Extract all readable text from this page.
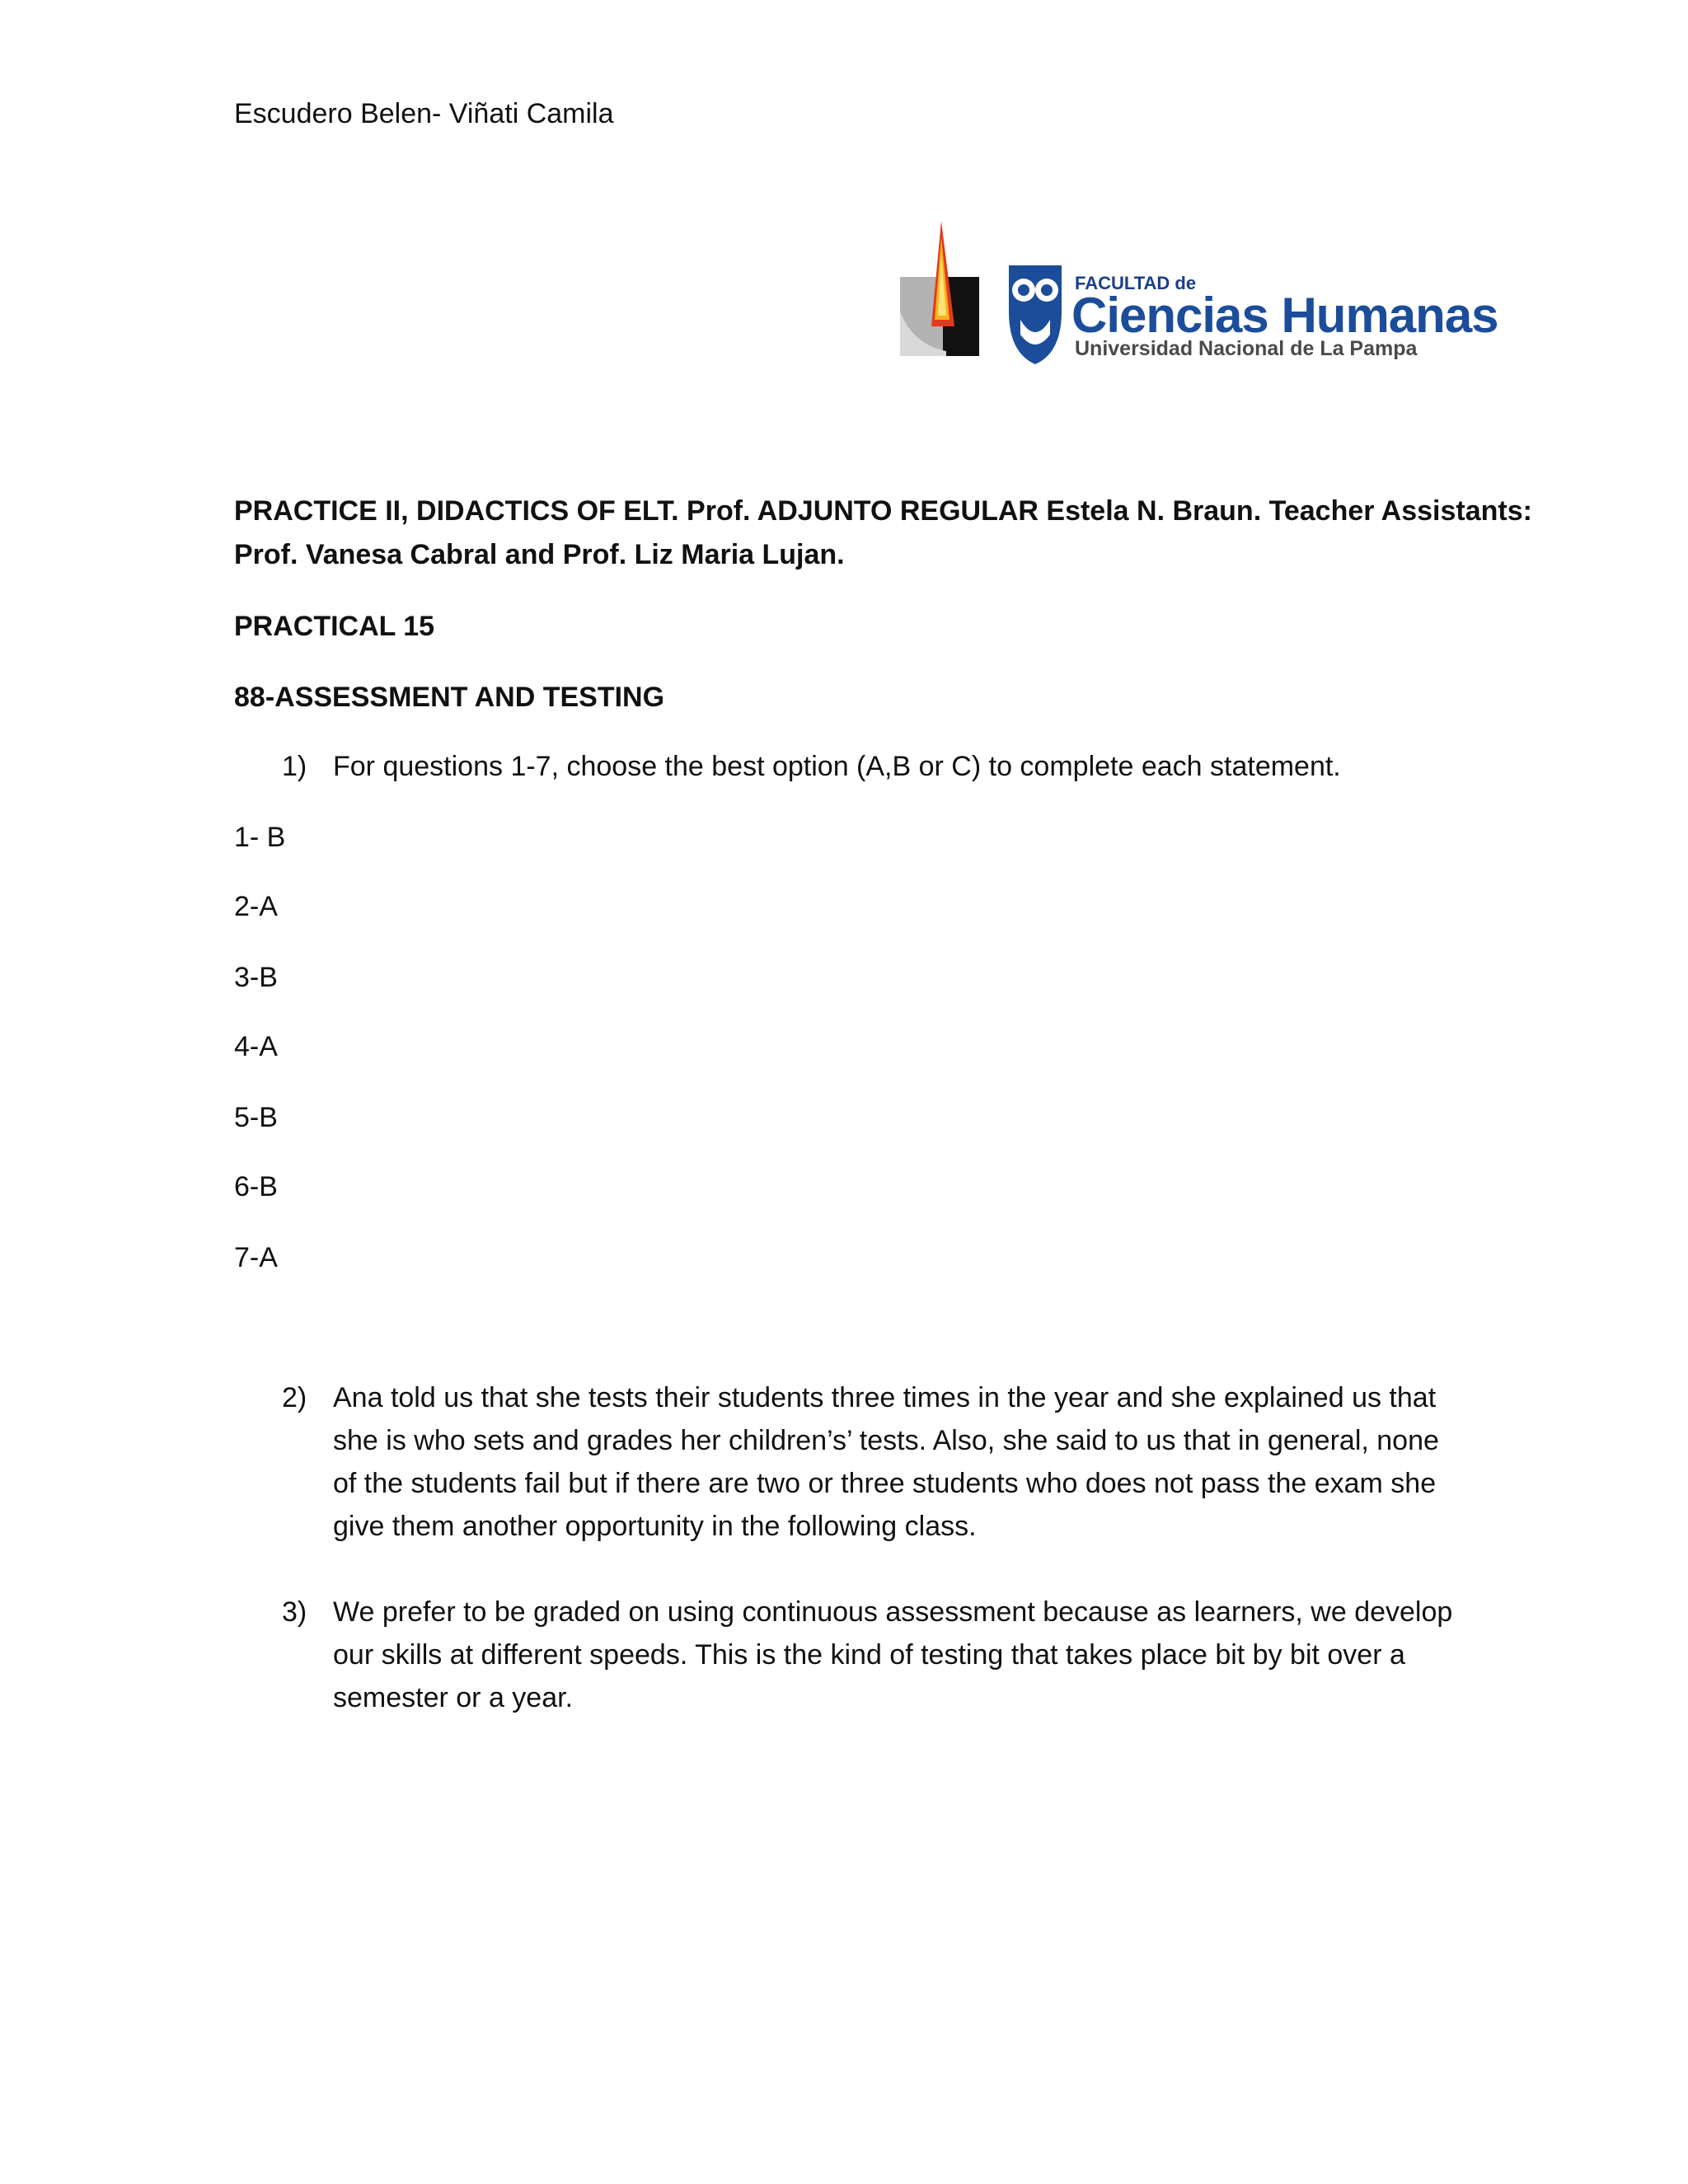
Escudero Belen- Viñati Camila
FACULTAD de
Ciencias Humanas
Universidad Nacional de La Pampa
PRACTICE II, DIDACTICS OF ELT. Prof. ADJUNTO REGULAR Estela N. Braun. Teacher Assistants:
Prof. Vanesa Cabral and Prof. Liz Maria Lujan.
PRACTICAL 15
88-ASSESSMENT AND TESTING
1) For questions 1-7, choose the best option (A,B or C) to complete each statement.
1- B
2-A
3-B
4-A
5-B
6-B
7-A
2) Ana told us that she tests their students three times in the year and she explained us that
she is who sets and grades her children’s’ tests. Also, she said to us that in general, none
of the students fail but if there are two or three students who does not pass the exam she
give them another opportunity in the following class.
3) We prefer to be graded on using continuous assessment because as learners, we develop
our skills at different speeds. This is the kind of testing that takes place bit by bit over a
semester or a year.
